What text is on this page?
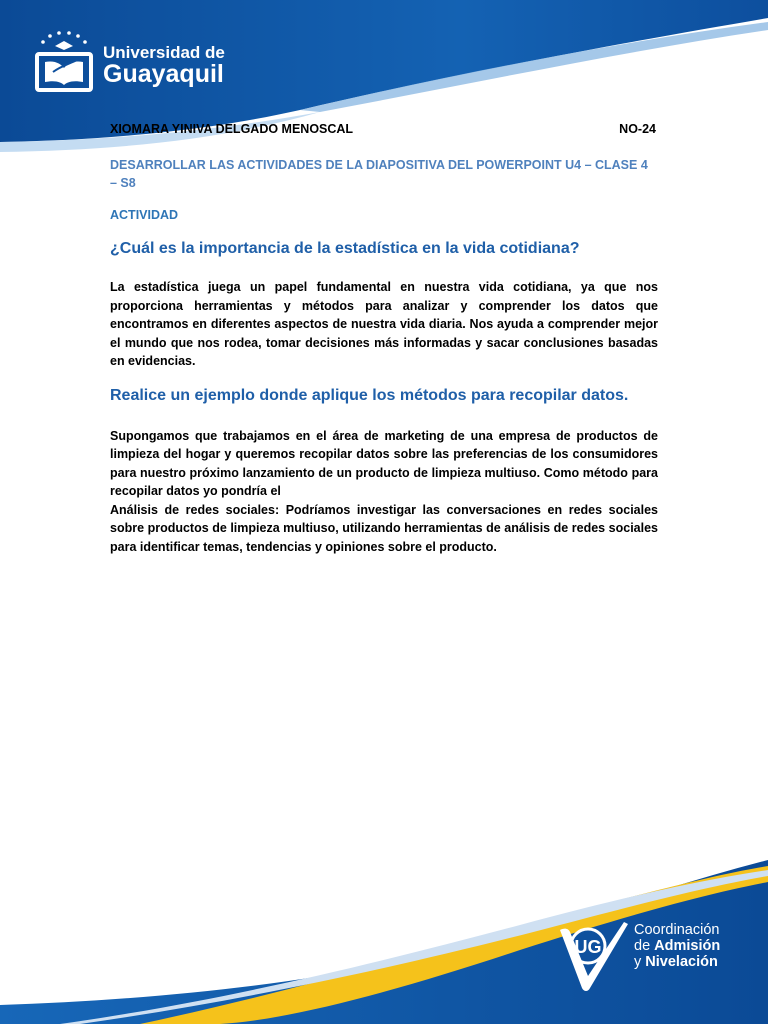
Universidad de
Guayaquil
XIOMARA YINIVA DELGADO MENOSCAL	NO-24
DESARROLLAR LAS ACTIVIDADES DE LA DIAPOSITIVA DEL POWERPOINT U4 – CLASE 4 – S8
ACTIVIDAD
¿Cuál es la importancia de la estadística en la vida cotidiana?
La estadística juega un papel fundamental en nuestra vida cotidiana, ya que nos proporciona herramientas y métodos para analizar y comprender los datos que encontramos en diferentes aspectos de nuestra vida diaria. Nos ayuda a comprender mejor el mundo que nos rodea, tomar decisiones más informadas y sacar conclusiones basadas en evidencias.
Realice un ejemplo donde aplique los métodos para recopilar datos.
Supongamos que trabajamos en el área de marketing de una empresa de productos de limpieza del hogar y queremos recopilar datos sobre las preferencias de los consumidores para nuestro próximo lanzamiento de un producto de limpieza multiuso. Como método para recopilar datos yo pondría el
Análisis de redes sociales: Podríamos investigar las conversaciones en redes sociales sobre productos de limpieza multiuso, utilizando herramientas de análisis de redes sociales para identificar temas, tendencias y opiniones sobre el producto.
UG
Coordinación
de Admisión
y Nivelación
